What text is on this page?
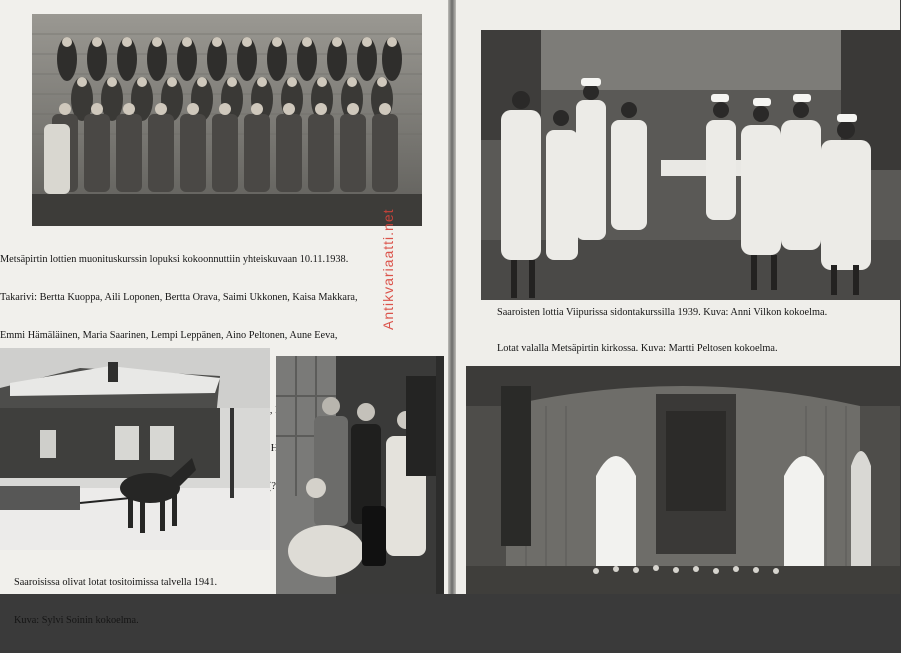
Metsäpirtin lottien muonituskurssin lopuksi kokoonnuttiin yhteiskuvaan 10.11.1938.

Takarivi: Bertta Kuoppa, Aili Loponen, Bertta Orava, Saimi Ukkonen, Kaisa Makkara,

Emmi Hämäläinen, Maria Saarinen, Lempi Leppänen, Aino Peltonen, Aune Eeva,

(?)

Saaroisissa olivat lotat tositoimissa talvella 1941.

Kuva: Sylvi Soinin kokoelma.

Antikvariaatti.net	Saaroisten lottia Viipurissa sidontakurssilla 1939. Kuva: Anni Vilkon kokoelma.
Lotat valalla Metsäpirtin kirkossa. Kuva: Martti Peltosen kokoelma.
